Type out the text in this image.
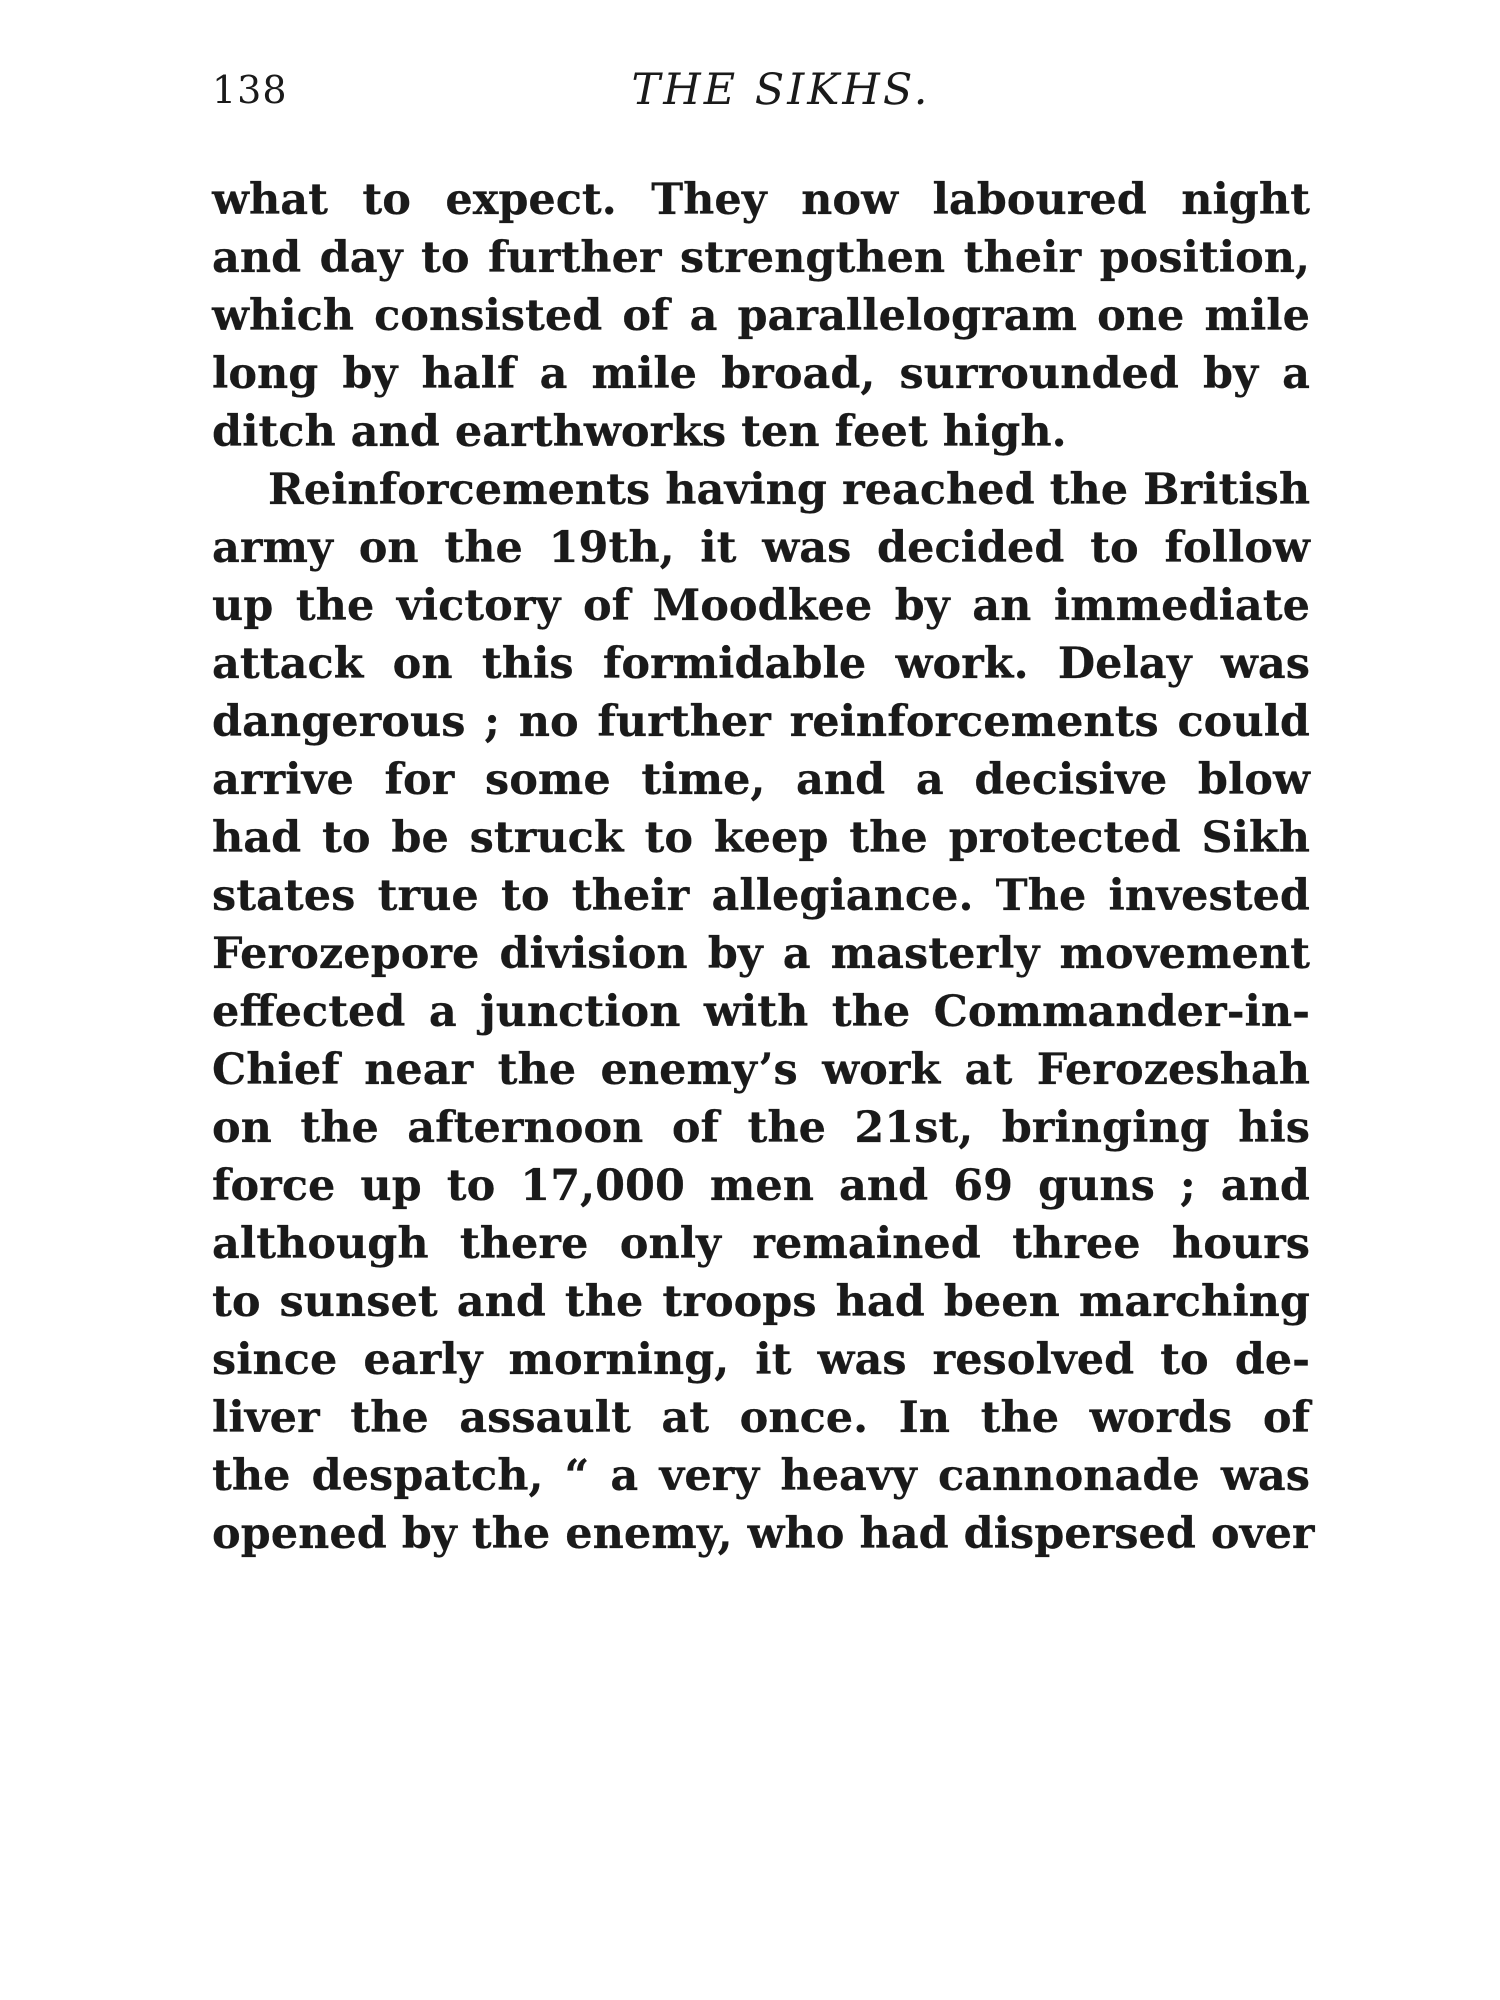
138	THE SIKHS.
what to expect. They now laboured night
and day to further strengthen their position,
which consisted of a parallelogram one mile
long by half a mile broad, surrounded by a
ditch and earthworks ten feet high.
Reinforcements having reached the British
army on the 19th, it was decided to follow
up the victory of Moodkee by an immediate
attack on this formidable work. Delay was
dangerous ; no further reinforcements could
arrive for some time, and a decisive blow
had to be struck to keep the protected Sikh
states true to their allegiance. The invested
Ferozepore division by a masterly movement
effected a junction with the Commander-in-
Chief near the enemy’s work at Ferozeshah
on the afternoon of the 21st, bringing his
force up to 17,000 men and 69 guns ; and
although there only remained three hours
to sunset and the troops had been marching
since early morning, it was resolved to de-
liver the assault at once. In the words of
the despatch, “ a very heavy cannonade was
opened by the enemy, who had dispersed over
